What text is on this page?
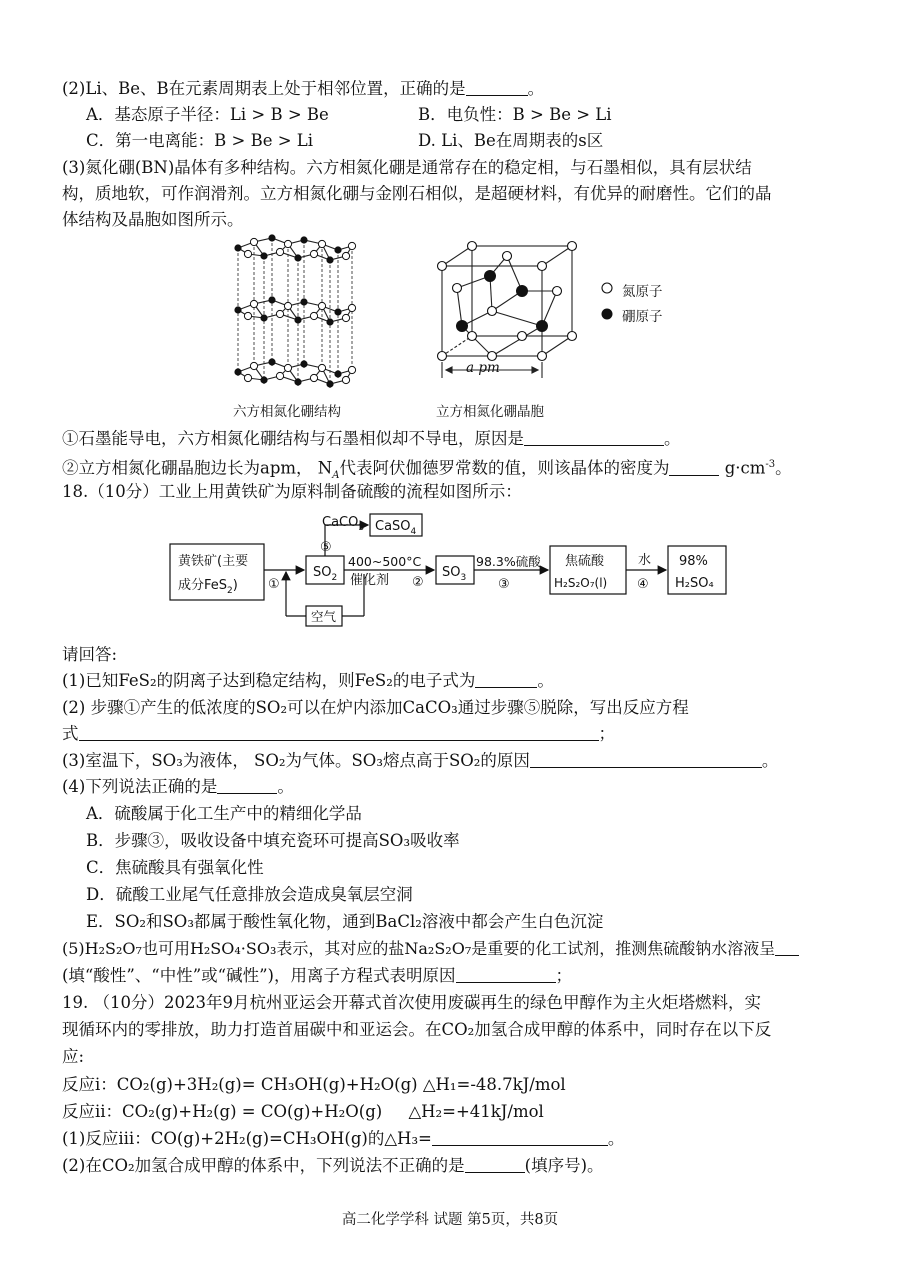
(2)Li、Be、B在元素周期表上处于相邻位置，正确的是	。
A．基态原子半径：Li > B > Be	B．电负性：B > Be > Li
C．第一电离能：B > Be > Li	D. Li、Be在周期表的s区
(3)氮化硼(BN)晶体有多种结构。六方相氮化硼是通常存在的稳定相，与石墨相似，具有层状结
构，质地软，可作润滑剂。立方相氮化硼与金刚石相似，是超硬材料，有优异的耐磨性。它们的晶
体结构及晶胞如图所示。
六方相氮化硼结构
a pm
立方相氮化硼晶胞
氮原子
硼原子
①石墨能导电，六方相氮化硼结构与石墨相似却不导电，原因是	。
②立方相氮化硼晶胞边长为apm， $N_A$代表阿伏伽德罗常数的值，则该晶体的密度为	$g\cdot cm^{-3}$。
18.（10分）工业上用黄铁矿为原料制备硫酸的流程如图所示：
黄铁矿(主要
成分FeS$_2$) ①
$SO_2$
CaCO$_3$
⑤
CaSO$_4$
400~500°C
催化剂 ②
$SO_3$
98.3%硫酸
③
焦硫酸
H₂S₂O₇(l)
水
④
98%
H₂SO₄
空气
请回答:
(1)已知FeS₂的阴离子达到稳定结构，则FeS₂的电子式为	。
(2) 步骤①产生的低浓度的SO₂可以在炉内添加CaCO₃通过步骤⑤脱除，写出反应方程
式	；
(3)室温下，SO₃为液体， SO₂为气体。SO₃熔点高于SO₂的原因	。
(4)下列说法正确的是	。
A．硫酸属于化工生产中的精细化学品
B．步骤③，吸收设备中填充瓷环可提高SO₃吸收率
C．焦硫酸具有强氧化性
D．硫酸工业尾气任意排放会造成臭氧层空洞
E．SO₂和SO₃都属于酸性氧化物，通到BaCl₂溶液中都会产生白色沉淀
(5)H₂S₂O₇也可用H₂SO₄·SO₃表示，其对应的盐Na₂S₂O₇是重要的化工试剂，推测焦硫酸钠水溶液呈
(填“酸性”、“中性”或“碱性”)，用离子方程式表明原因	；
19. （10分）2023年9月杭州亚运会开幕式首次使用废碳再生的绿色甲醇作为主火炬塔燃料，实
现循环内的零排放，助力打造首届碳中和亚运会。在CO₂加氢合成甲醇的体系中，同时存在以下反
应:
反应ⅰ：CO₂(g)+3H₂(g)= CH₃OH(g)+H₂O(g) △H₁=-48.7kJ/mol
反应ⅱ：CO₂(g)+H₂(g) = CO(g)+H₂O(g)     △H₂=+41kJ/mol
(1)反应ⅲ：CO(g)+2H₂(g)=CH₃OH(g)的△H₃=	。
(2)在CO₂加氢合成甲醇的体系中，下列说法不正确的是	(填序号)。
高二化学学科 试题 第5页，共8页
